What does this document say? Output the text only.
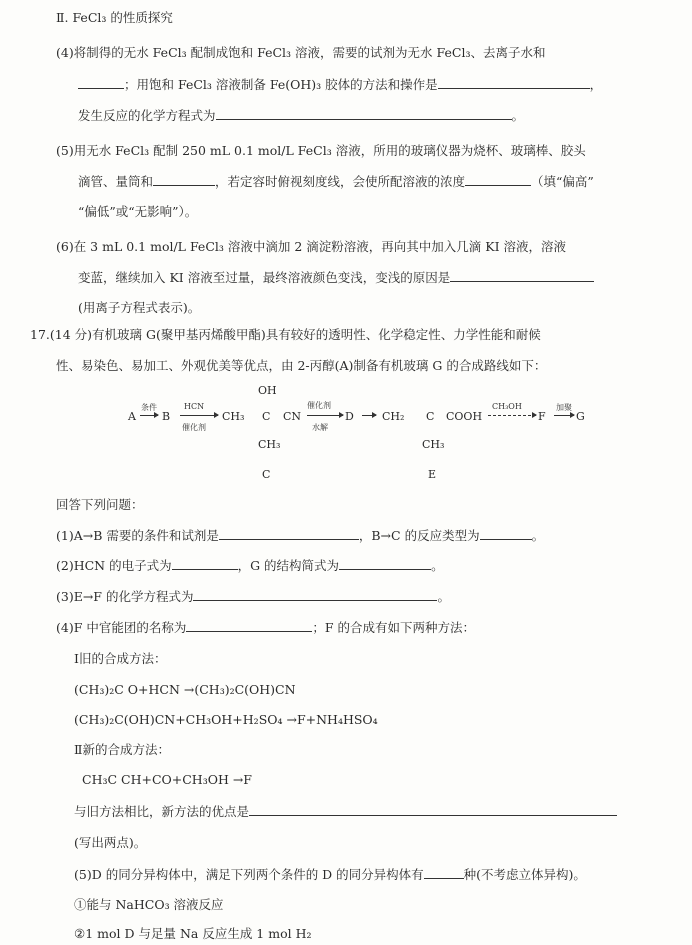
Ⅱ. FeCl₃ 的性质探究
(4)将制得的无水 FeCl₃ 配制成饱和 FeCl₃ 溶液，需要的试剂为无水 FeCl₃、去离子水和
；用饱和 FeCl₃ 溶液制备 Fe(OH)₃ 胶体的方法和操作是	，
发生反应的化学方程式为	。
(5)用无水 FeCl₃ 配制 250 mL 0.1 mol/L FeCl₃ 溶液，所用的玻璃仪器为烧杯、玻璃棒、胶头
滴管、量筒和	，若定容时俯视刻度线，会使所配溶液的浓度	（填“偏高”
“偏低”或“无影响”）。
(6)在 3 mL 0.1 mol/L FeCl₃ 溶液中滴加 2 滴淀粉溶液，再向其中加入几滴 KI 溶液，溶液
变蓝，继续加入 KI 溶液至过量，最终溶液颜色变浅，变浅的原因是
(用离子方程式表示)。
17.(14 分)有机玻璃 G(聚甲基丙烯酸甲酯)具有较好的透明性、化学稳定性、力学性能和耐候
性、易染色、易加工、外观优美等优点，由 2-丙醇(A)制备有机玻璃 G 的合成路线如下：
A
条件
B
HCN
催化剂
CH₃
OH
C CN
催化剂
水解
D	CH₂ C COOH
CH₃OH
F
加聚
G
CH₃
C
CH₃
E
回答下列问题：
(1)A→B 需要的条件和试剂是	，B→C 的反应类型为	。
(2)HCN 的电子式为	，G 的结构简式为	。
(3)E→F 的化学方程式为	。
(4)F 中官能团的名称为	；F 的合成有如下两种方法：
Ⅰ旧的合成方法：
(CH₃)₂C O+HCN →(CH₃)₂C(OH)CN
(CH₃)₂C(OH)CN+CH₃OH+H₂SO₄ →F+NH₄HSO₄
Ⅱ新的合成方法：
CH₃C CH+CO+CH₃OH →F
与旧方法相比，新方法的优点是
(写出两点)。
(5)D 的同分异构体中，满足下列两个条件的 D 的同分异构体有	种(不考虑立体异构)。
①能与 NaHCO₃ 溶液反应
②1 mol D 与足量 Na 反应生成 1 mol H₂
